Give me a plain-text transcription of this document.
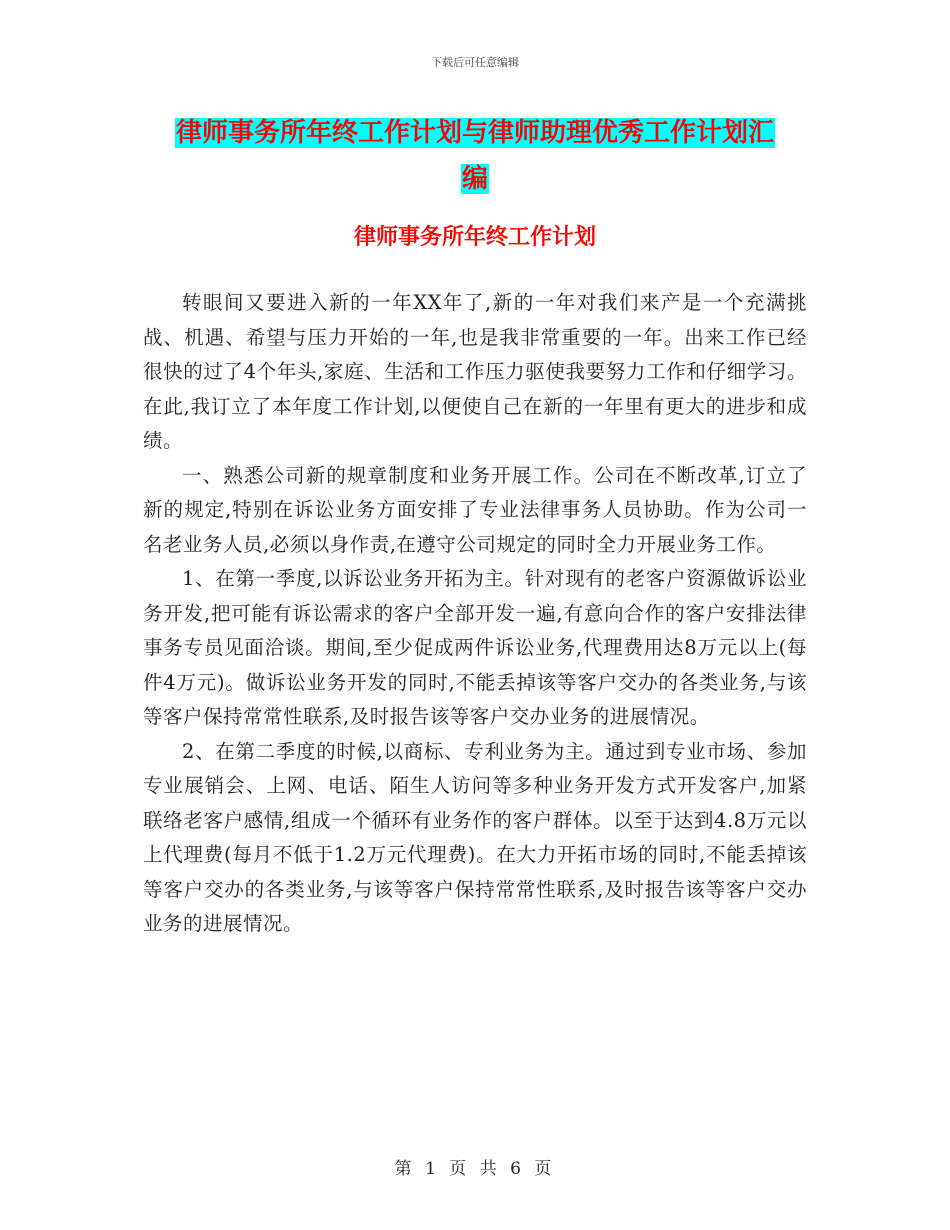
下载后可任意编辑
律师事务所年终工作计划与律师助理优秀工作计划汇
编
律师事务所年终工作计划

转眼间又要进入新的一年XX年了,新的一年对我们来产是一个充满挑战、机遇、希望与压力开始的一年,也是我非常重要的一年。出来工作已经很快的过了4个年头,家庭、生活和工作压力驱使我要努力工作和仔细学习。在此,我订立了本年度工作计划,以便使自己在新的一年里有更大的进步和成绩。

一、熟悉公司新的规章制度和业务开展工作。公司在不断改革,订立了新的规定,特别在诉讼业务方面安排了专业法律事务人员协助。作为公司一名老业务人员,必须以身作责,在遵守公司规定的同时全力开展业务工作。

1、在第一季度,以诉讼业务开拓为主。针对现有的老客户资源做诉讼业务开发,把可能有诉讼需求的客户全部开发一遍,有意向合作的客户安排法律事务专员见面洽谈。期间,至少促成两件诉讼业务,代理费用达8万元以上(每件4万元)。做诉讼业务开发的同时,不能丢掉该等客户交办的各类业务,与该等客户保持常常性联系,及时报告该等客户交办业务的进展情况。

2、在第二季度的时候,以商标、专利业务为主。通过到专业市场、参加专业展销会、上网、电话、陌生人访问等多种业务开发方式开发客户,加紧联络老客户感情,组成一个循环有业务作的客户群体。以至于达到4.8万元以上代理费(每月不低于1.2万元代理费)。在大力开拓市场的同时,不能丢掉该等客户交办的各类业务,与该等客户保持常常性联系,及时报告该等客户交办业务的进展情况。

第 1 页 共 6 页
